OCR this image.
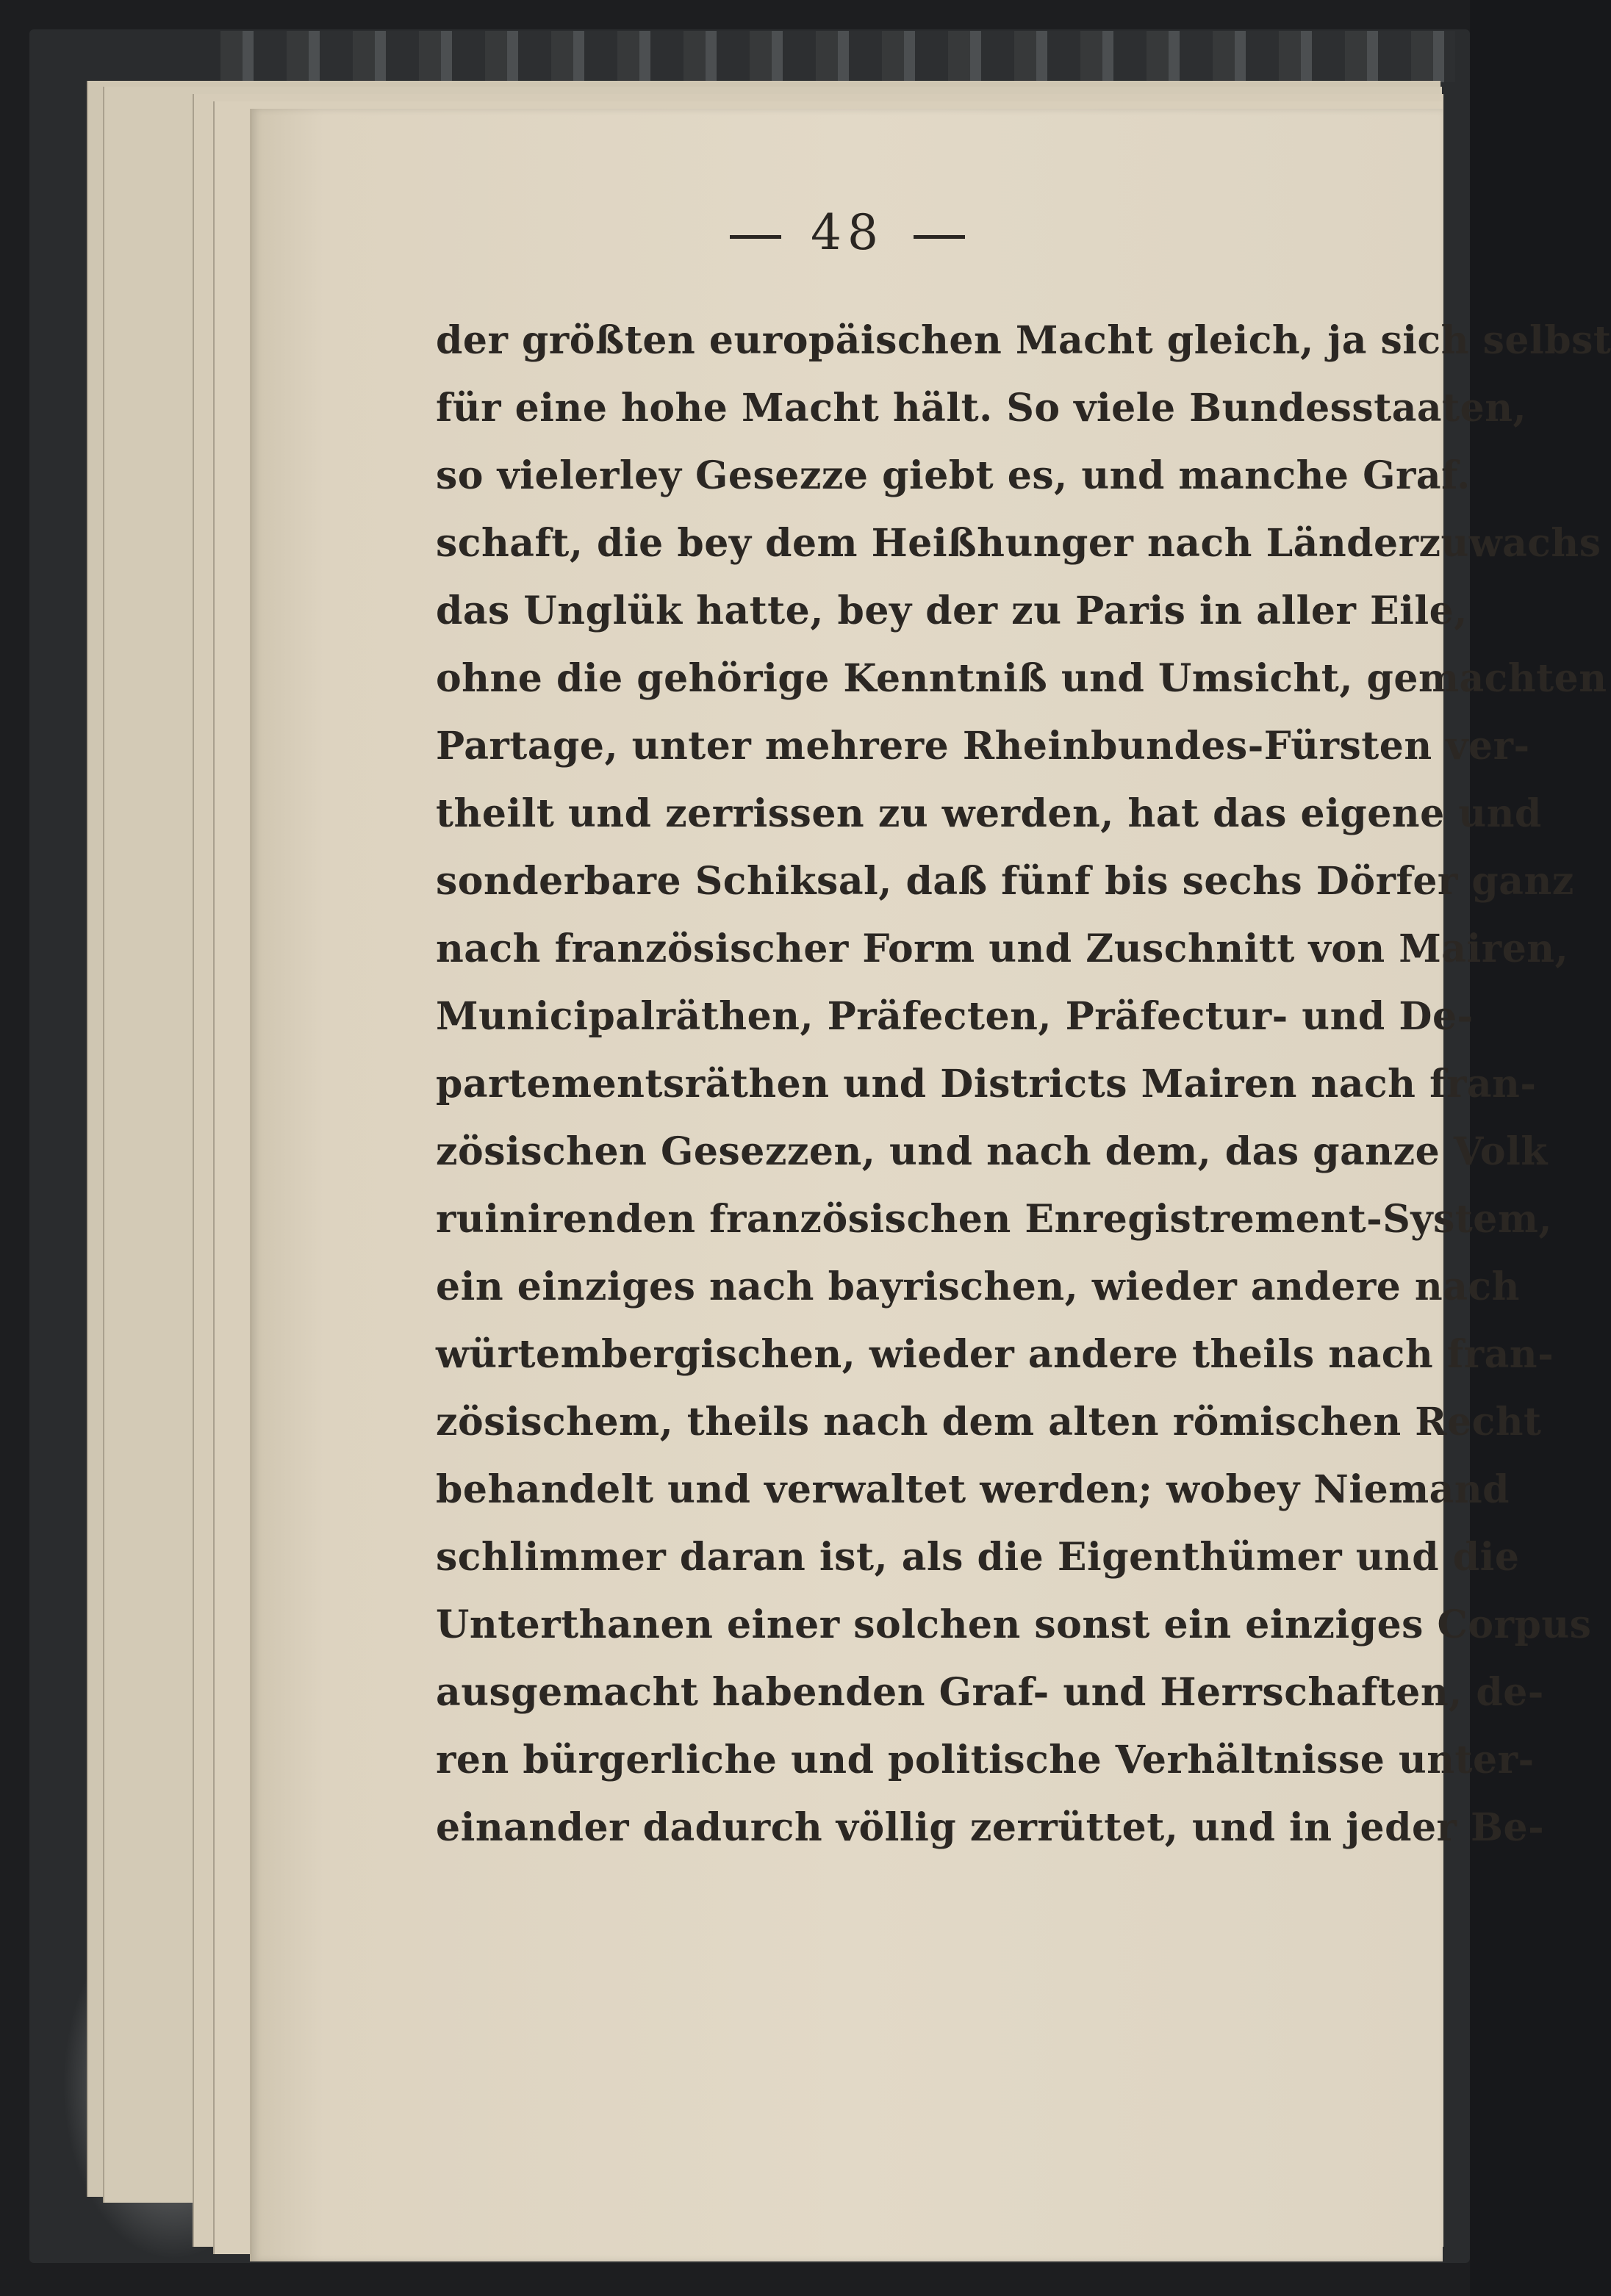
48
der größten europäischen Macht gleich, ja sich selbst
für eine hohe Macht hält. So viele Bundesstaaten,
so vielerley Gesezze giebt es, und manche Graf.
schaft, die bey dem Heißhunger nach Länderzuwachs
das Unglük hatte, bey der zu Paris in aller Eile,
ohne die gehörige Kenntniß und Umsicht, gemachten
Partage, unter mehrere Rheinbundes-Fürsten ver-
theilt und zerrissen zu werden, hat das eigene und
sonderbare Schiksal, daß fünf bis sechs Dörfer ganz
nach französischer Form und Zuschnitt von Mairen,
Municipalräthen, Präfecten, Präfectur- und De-
partementsräthen und Districts Mairen nach fran-
zösischen Gesezzen, und nach dem, das ganze Volk
ruinirenden französischen Enregistrement-System,
ein einziges nach bayrischen, wieder andere nach
würtembergischen, wieder andere theils nach fran-
zösischem, theils nach dem alten römischen Recht
behandelt und verwaltet werden; wobey Niemand
schlimmer daran ist, als die Eigenthümer und die
Unterthanen einer solchen sonst ein einziges Corpus
ausgemacht habenden Graf- und Herrschaften, de-
ren bürgerliche und politische Verhältnisse unter-
einander dadurch völlig zerrüttet, und in jeder Be-
